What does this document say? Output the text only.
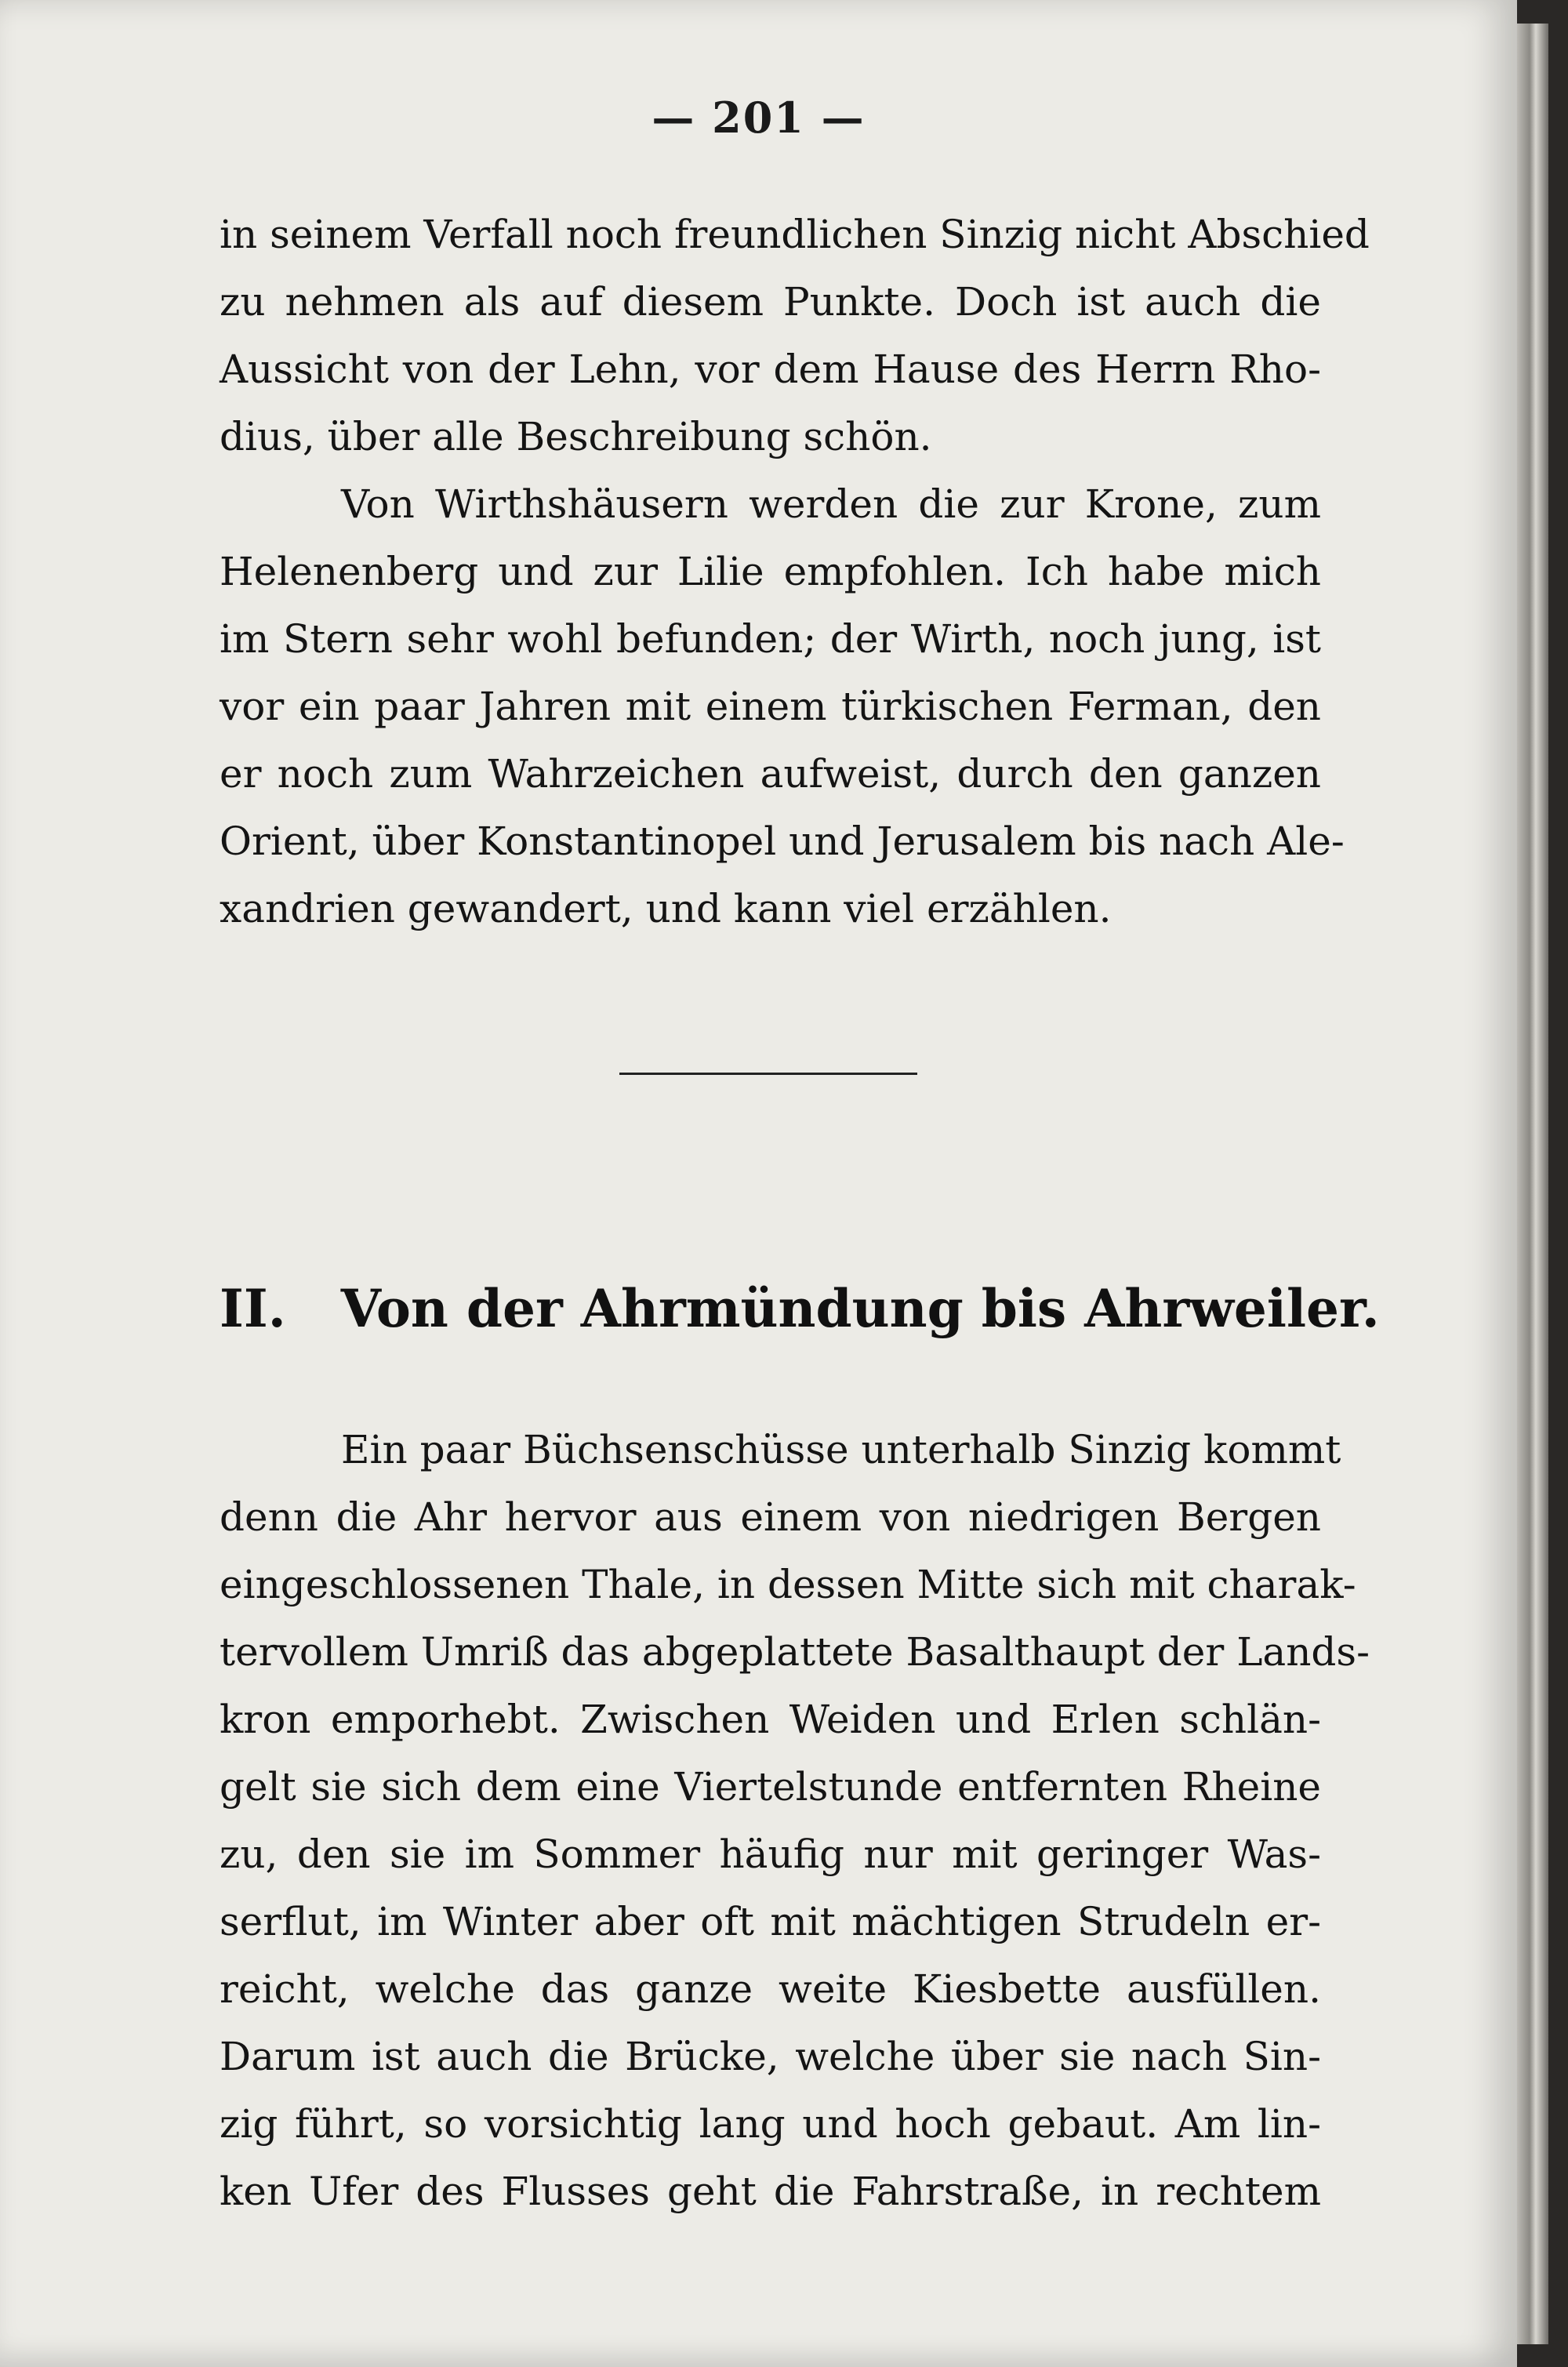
— 201 —
in seinem Verfall noch freundlichen Sinzig nicht Abschied
zu nehmen als auf diesem Punkte. Doch ist auch die
Aussicht von der Lehn, vor dem Hause des Herrn Rho-
dius, über alle Beschreibung schön.
Von Wirthshäusern werden die zur Krone, zum
Helenenberg und zur Lilie empfohlen. Ich habe mich
im Stern sehr wohl befunden; der Wirth, noch jung, ist
vor ein paar Jahren mit einem türkischen Ferman, den
er noch zum Wahrzeichen aufweist, durch den ganzen
Orient, über Konstantinopel und Jerusalem bis nach Ale-
xandrien gewandert, und kann viel erzählen.
II. Von der Ahrmündung bis Ahrweiler.
Ein paar Büchsenschüsse unterhalb Sinzig kommt
denn die Ahr hervor aus einem von niedrigen Bergen
eingeschlossenen Thale, in dessen Mitte sich mit charak-
tervollem Umriß das abgeplattete Basalthaupt der Lands-
kron emporhebt. Zwischen Weiden und Erlen schlän-
gelt sie sich dem eine Viertelstunde entfernten Rheine
zu, den sie im Sommer häufig nur mit geringer Was-
serflut, im Winter aber oft mit mächtigen Strudeln er-
reicht, welche das ganze weite Kiesbette ausfüllen.
Darum ist auch die Brücke, welche über sie nach Sin-
zig führt, so vorsichtig lang und hoch gebaut. Am lin-
ken Ufer des Flusses geht die Fahrstraße, in rechtem
